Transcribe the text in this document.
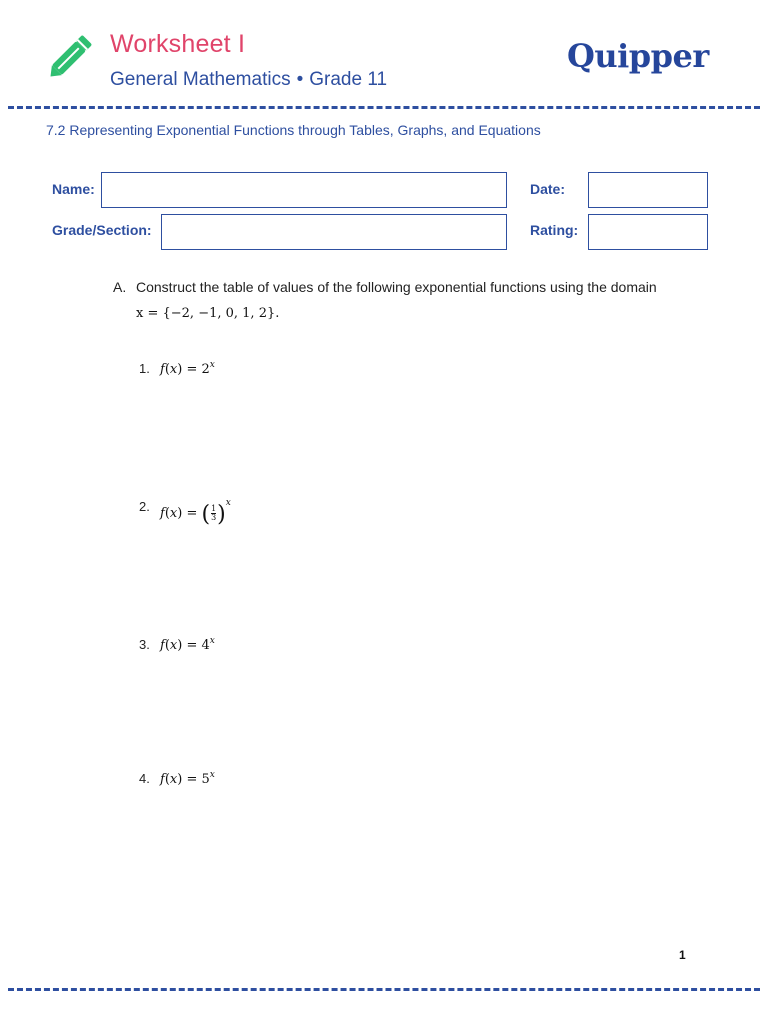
Worksheet I
General Mathematics • Grade 11
Quipper
7.2 Representing Exponential Functions through Tables, Graphs, and Equations
Name:	Date:
Grade/Section:	Rating:
A. Construct the table of values of the following exponential functions using the domain
x = {−2, −1, 0, 1, 2}.
1. $f(x) = 2^x$
2. $f(x) = (\frac{1}{3} )^x$
3. $f(x) = 4^x$
4. $f(x) = 5^x$
1
